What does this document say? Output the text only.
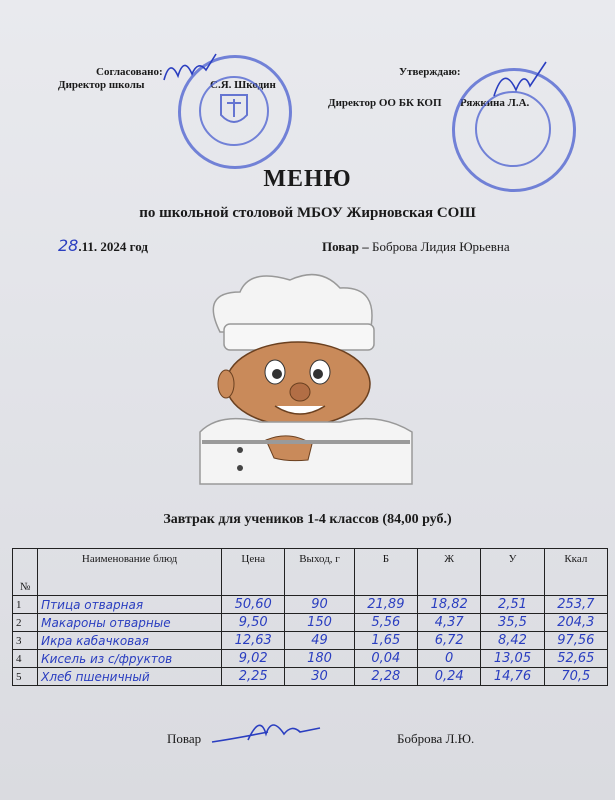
Согласовано:
Директор школы	С.Я. Шкодин
Утверждаю:
Директор ОО БК КОП Ряжкина Л.А.
МЕНЮ
по школьной столовой МБОУ Жирновская СОШ
28.11. 2024 год	Повар – Боброва Лидия Юрьевна
Завтрак для учеников 1-4 классов (84,00 руб.)
№	Наименование блюд	Цена	Выход, г	Б	Ж	У	Ккал
1	Птица отварная	50,60	90	21,89	18,82	2,51	253,7
2	Макароны отварные	9,50	150	5,56	4,37	35,5	204,3
3	Икра кабачковая	12,63	49	1,65	6,72	8,42	97,56
4	Кисель из с/фруктов	9,02	180	0,04	0	13,05	52,65
5	Хлеб пшеничный	2,25	30	2,28	0,24	14,76	70,5
Повар	Боброва Л.Ю.
